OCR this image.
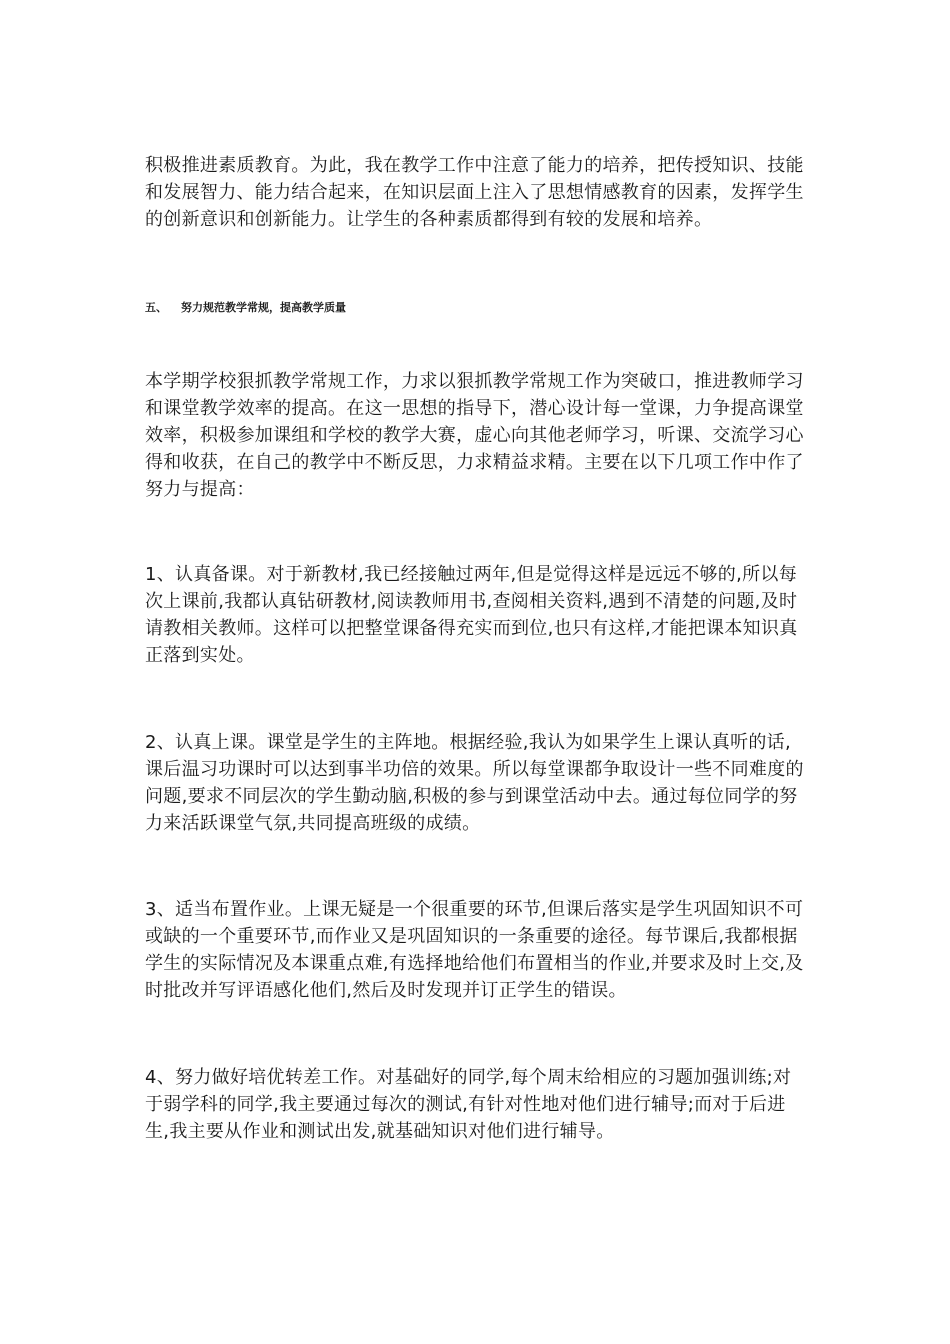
积极推进素质教育。为此，我在教学工作中注意了能力的培养，把传授知识、技能和发展智力、能力结合起来，在知识层面上注入了思想情感教育的因素，发挥学生的创新意识和创新能力。让学生的各种素质都得到有较的发展和培养。

五、 努力规范教学常规，提高教学质量

本学期学校狠抓教学常规工作，力求以狠抓教学常规工作为突破口，推进教师学习和课堂教学效率的提高。在这一思想的指导下，潜心设计每一堂课，力争提高课堂效率，积极参加课组和学校的教学大赛，虚心向其他老师学习，听课、交流学习心得和收获，在自己的教学中不断反思，力求精益求精。主要在以下几项工作中作了努力与提高：

1、认真备课。对于新教材,我已经接触过两年,但是觉得这样是远远不够的,所以每次上课前,我都认真钻研教材,阅读教师用书,查阅相关资料,遇到不清楚的问题,及时请教相关教师。这样可以把整堂课备得充实而到位,也只有这样,才能把课本知识真正落到实处。

2、认真上课。课堂是学生的主阵地。根据经验,我认为如果学生上课认真听的话,课后温习功课时可以达到事半功倍的效果。所以每堂课都争取设计一些不同难度的问题,要求不同层次的学生勤动脑,积极的参与到课堂活动中去。通过每位同学的努力来活跃课堂气氛,共同提高班级的成绩。

3、适当布置作业。上课无疑是一个很重要的环节,但课后落实是学生巩固知识不可或缺的一个重要环节,而作业又是巩固知识的一条重要的途径。每节课后,我都根据学生的实际情况及本课重点难,有选择地给他们布置相当的作业,并要求及时上交,及时批改并写评语感化他们,然后及时发现并订正学生的错误。

4、努力做好培优转差工作。对基础好的同学,每个周末给相应的习题加强训练;对于弱学科的同学,我主要通过每次的测试,有针对性地对他们进行辅导;而对于后进生,我主要从作业和测试出发,就基础知识对他们进行辅导。
